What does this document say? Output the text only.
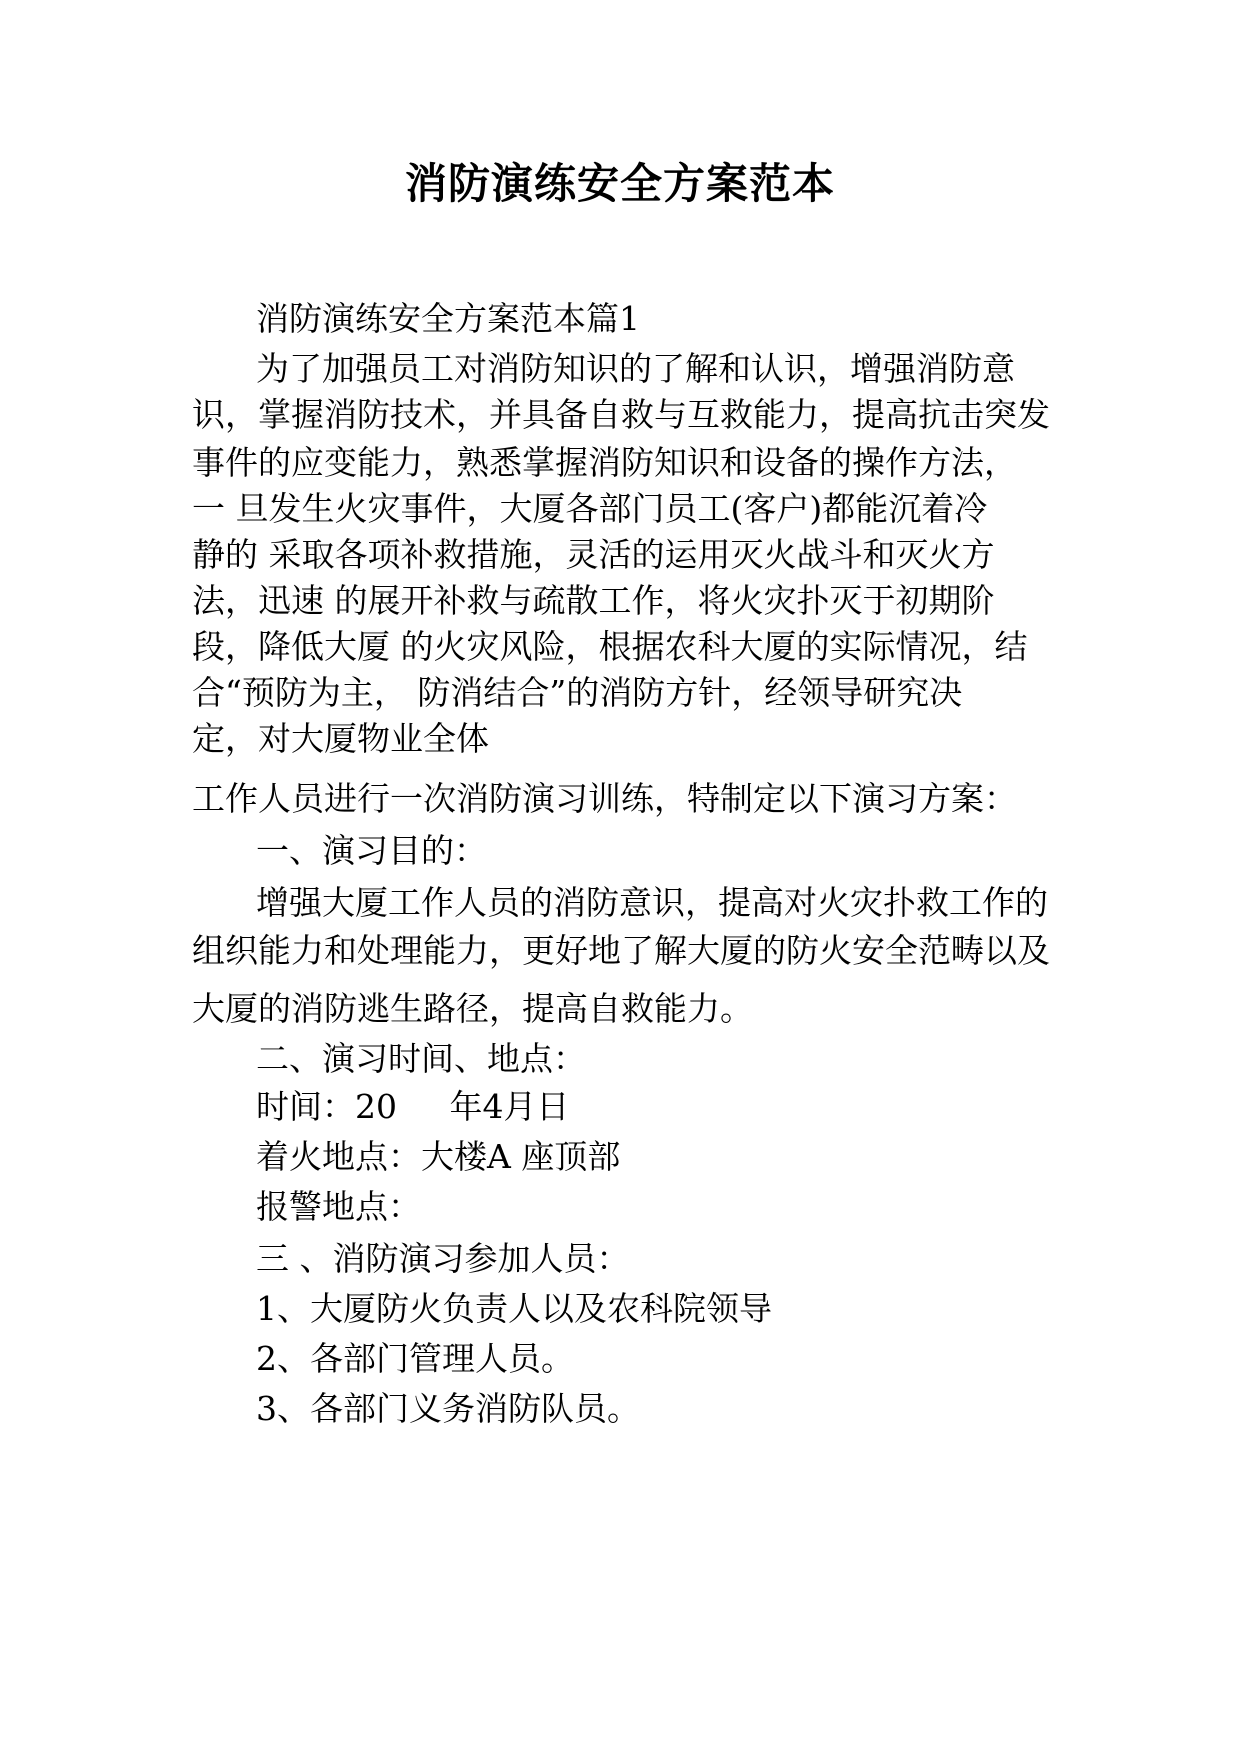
消防演练安全方案范本
消防演练安全方案范本篇1
为了加强员工对消防知识的了解和认识，增强消防意
识，掌握消防技术，并具备自救与互救能力，提高抗击突发
事件的应变能力，熟悉掌握消防知识和设备的操作方法，
一 旦发生火灾事件，大厦各部门员工(客户)都能沉着冷
静的 采取各项补救措施，灵活的运用灭火战斗和灭火方
法，迅速 的展开补救与疏散工作，将火灾扑灭于初期阶
段，降低大厦 的火灾风险，根据农科大厦的实际情况，结
合“预防为主， 防消结合”的消防方针，经领导研究决
定，对大厦物业全体
工作人员进行一次消防演习训练，特制定以下演习方案：
一、演习目的：
增强大厦工作人员的消防意识，提高对火灾扑救工作的
组织能力和处理能力，更好地了解大厦的防火安全范畴以及
大厦的消防逃生路径，提高自救能力。
二、演习时间、地点：
时间：20     年4月日
着火地点：大楼A 座顶部
报警地点：
三 、消防演习参加人员：
1、大厦防火负责人以及农科院领导
2、各部门管理人员。
3、各部门义务消防队员。
